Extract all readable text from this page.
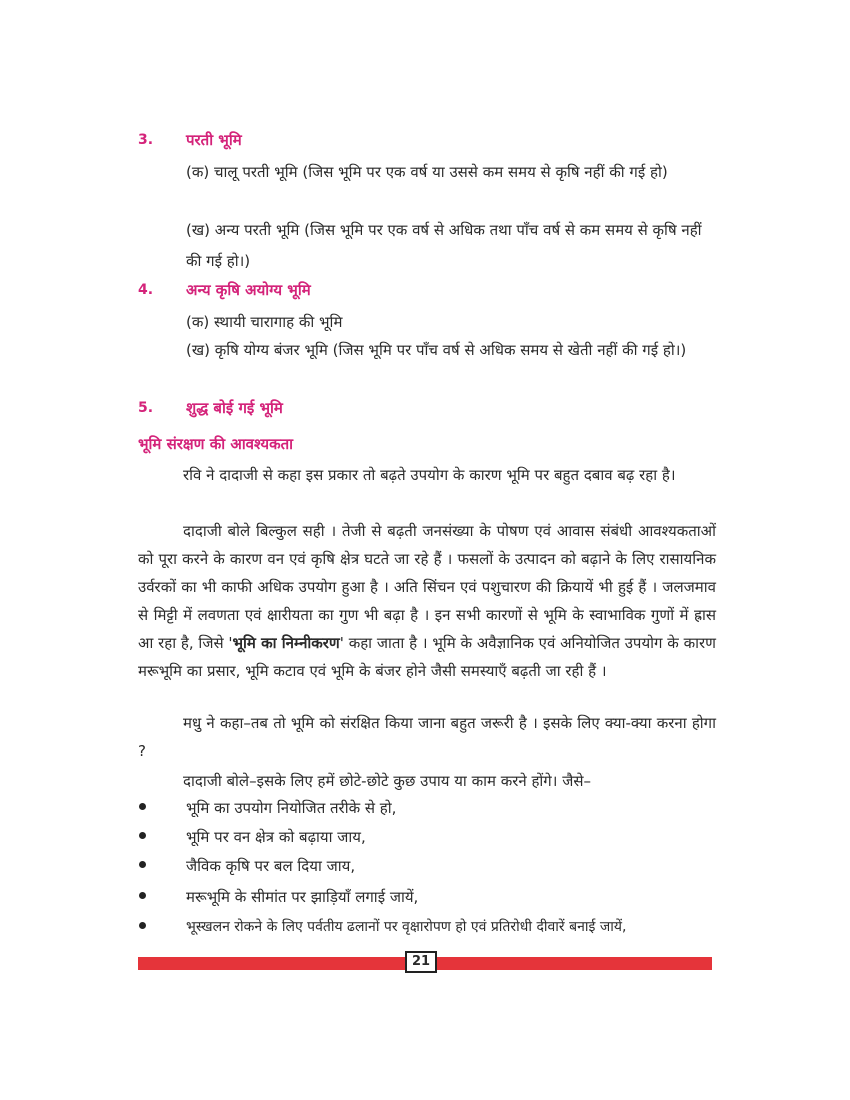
3. परती भूमि
(क) चालू परती भूमि (जिस भूमि पर एक वर्ष या उससे कम समय से कृषि नहीं की गई हो)
(ख) अन्य परती भूमि (जिस भूमि पर एक वर्ष से अधिक तथा पाँच वर्ष से कम समय से कृषि नहीं की गई हो।)
4. अन्य कृषि अयोग्य भूमि
(क) स्थायी चारागाह की भूमि
(ख) कृषि योग्य बंजर भूमि (जिस भूमि पर पाँच वर्ष से अधिक समय से खेती नहीं की गई हो।)
5. शुद्ध बोई गई भूमि
भूमि संरक्षण की आवश्यकता
रवि ने दादाजी से कहा इस प्रकार तो बढ़ते उपयोग के कारण भूमि पर बहुत दबाव बढ़ रहा है।
दादाजी बोले बिल्कुल सही । तेजी से बढ़ती जनसंख्या के पोषण एवं आवास संबंधी आवश्यकताओं को पूरा करने के कारण वन एवं कृषि क्षेत्र घटते जा रहे हैं । फसलों के उत्पादन को बढ़ाने के लिए रासायनिक उर्वरकों का भी काफी अधिक उपयोग हुआ है । अति सिंचन एवं पशुचारण की क्रियायें भी हुई हैं । जलजमाव से मिट्टी में लवणता एवं क्षारीयता का गुण भी बढ़ा है । इन सभी कारणों से भूमि के स्वाभाविक गुणों में ह्रास आ रहा है, जिसे 'भूमि का निम्नीकरण' कहा जाता है । भूमि के अवैज्ञानिक एवं अनियोजित उपयोग के कारण मरूभूमि का प्रसार, भूमि कटाव एवं भूमि के बंजर होने जैसी समस्याएँ बढ़ती जा रही हैं ।
मधु ने कहा–तब तो भूमि को संरक्षित किया जाना बहुत जरूरी है । इसके लिए क्या-क्या करना होगा ?
दादाजी बोले–इसके लिए हमें छोटे-छोटे कुछ उपाय या काम करने होंगे। जैसे–
भूमि का उपयोग नियोजित तरीके से हो,
भूमि पर वन क्षेत्र को बढ़ाया जाय,
जैविक कृषि पर बल दिया जाय,
मरूभूमि के सीमांत पर झाड़ियाँ लगाई जायें,
भूस्खलन रोकने के लिए पर्वतीय ढलानों पर वृक्षारोपण हो एवं प्रतिरोधी दीवारें बनाई जायें,
21
